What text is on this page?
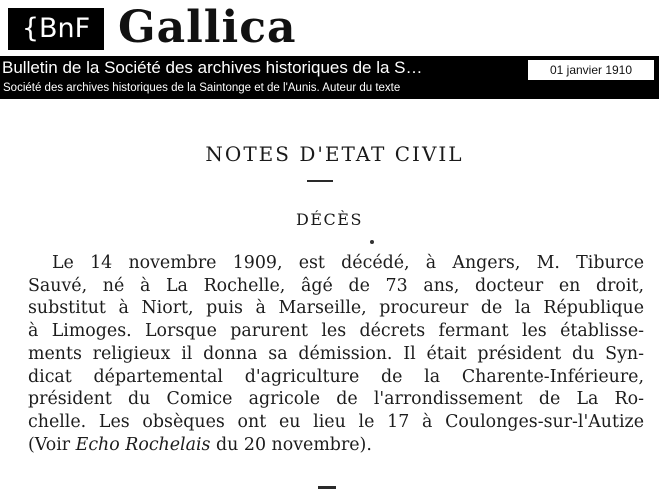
{BnF Gallica
Bulletin de la Société des archives historiques de la S…	01 janvier 1910
Société des archives historiques de la Saintonge et de l'Aunis. Auteur du texte
NOTES D'ETAT CIVIL
DÉCÈS
Le 14 novembre 1909, est décédé, à Angers, M. Tiburce
Sauvé, né à La Rochelle, âgé de 73 ans, docteur en droit,
substitut à Niort, puis à Marseille, procureur de la République
à Limoges. Lorsque parurent les décrets fermant les établisse-
ments religieux il donna sa démission. Il était président du Syn-
dicat départemental d'agriculture de la Charente-Inférieure,
président du Comice agricole de l'arrondissement de La Ro-
chelle. Les obsèques ont eu lieu le 17 à Coulonges-sur-l'Autize
(Voir Echo Rochelais du 20 novembre).
